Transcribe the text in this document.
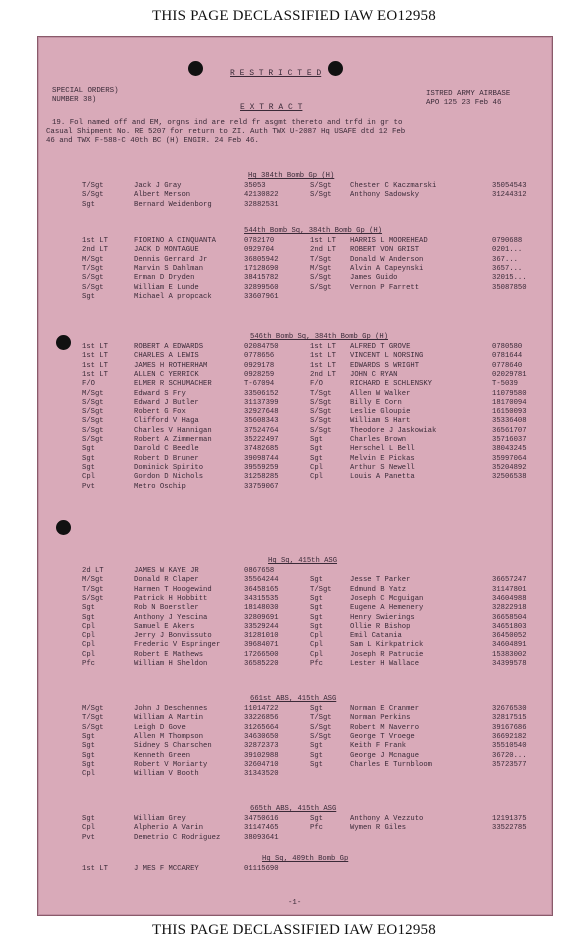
THIS PAGE DECLASSIFIED IAW EO12958
R E S T R I C T E D
SPECIAL ORDERS)
NUMBER 38)
E X T R A C T
ISTRED ARMY AIRBASE
APO 125 23 Feb 46
19. Fol named off and EM, orgns ind are reld fr asgmt thereto and trfd in gr to
Casual Shipment No. RE 5207 for return to ZI. Auth TWX U-2087 Hq USAFE dtd 12 Feb
46 and TWX F-588-C 40th BC (H) ENGIR. 24 Feb 46.
Hq 384th Bomb Gp (H)
T/Sgt	Jack J Gray	35053	S/Sgt	Chester C Kaczmarski	35054543
S/Sgt	Albert Merson	42130822	S/Sgt	Anthony Sadowsky	31244312
Sgt	Bernard Weidenborg	32882531
544th Bomb Sq, 384th Bomb Gp (H)
1st LT	FIORINO A CINQUANTA	0782170	1st LT HARRIS L MOOREHEAD	0790688
2nd LT	JACK D MONTAGUE	0929704	2nd LT ROBERT VON GRIST	0201...
M/Sgt	Dennis Gerrard Jr	36805942	T/Sgt	Donald W Anderson	367...
T/Sgt	Marvin S Dahlman	17128690	M/Sgt	Alvin A Capeynski	3657...
S/Sgt	Erman D Dryden	38415782	S/Sgt	James Guido	32015...
S/Sgt	William E Lunde	32899560	S/Sgt	Vernon P Farrett	35087850
Sgt	Michael A propcack	33607961
546th Bomb Sq, 384th Bomb Gp (H)
1st LT	ROBERT A EDWARDS	02084750	1st LT ALFRED T GROVE	0780580
1st LT	CHARLES A LEWIS	0778656	1st LT VINCENT L NORSING	0781644
1st LT	JAMES H ROTHERHAM	0929178	1st LT EDWARDS S WRIGHT	0778640
1st LT	ALLEN C YERRICK	0928259	2nd LT JOHN C RYAN	02029781
F/O	ELMER R SCHUMACHER	T-67094	F/O	RICHARD E SCHLENSKY	T-5039
M/Sgt	Edward S Fry	33506152	T/Sgt	Allen W Walker	11079580
S/Sgt	Edward J Butler	31137399	S/Sgt	Billy E Corn	18170094
S/Sgt	Robert G Fox	32927648	S/Sgt	Leslie Gloupie	16150093
S/Sgt	Clifford V Haga	35608343	S/Sgt	William S Hart	35336408
S/Sgt	Charles V Hannigan	37524764	S/Sgt	Theodore J Jaskowiak	36561707
S/Sgt	Robert A Zimmerman	35222497	Sgt	Charles Brown	35716037
Sgt	Darold C Beedle	37482685	Sgt	Herschel L Bell	38043245
Sgt	Robert D Bruner	39098744	Sgt	Melvin E Pickas	35997064
Sgt	Dominick Spirito	39559259	Cpl	Arthur S Newell	35204892
Cpl	Gordon D Nichols	31258285	Cpl	Louis A Panetta	32506538
Pvt	Metro Oschip	33759067
Hq Sq, 415th ASG
2d LT	JAMES W KAYE JR	0867658
M/Sgt	Donald R Claper	35564244	Sgt	Jesse T Parker	36657247
T/Sgt	Harmen T Hoogewind	36458165	T/Sgt	Edmund B Yatz	31147801
S/Sgt	Patrick H Hobbitt	34315535	Sgt	Joseph C Mcguigan	34604988
Sgt	Rob N Boerstler	18148030	Sgt	Eugene A Hemenery	32822918
Sgt	Anthony J Yescina	32809691	Sgt	Henry Swierings	36658504
Cpl	Samuel E Akers	33529244	Sgt	Ollie R Bishop	34651803
Cpl	Jerry J Bonvissuto	31281010	Cpl	Emil Catania	36450052
Cpl	Frederic V Espringer	39684071	Cpl	Sam L Kirkpatrick	34604891
Cpl	Robert E Mathews	17266500	Cpl	Joseph R Patrucie	15383002
Pfc	William H Sheldon	36585220	Pfc	Lester H Wallace	34399578
661st ABS, 415th ASG
M/Sgt	John J Deschennes	11014722	Sgt	Norman E Cranmer	32676530
T/Sgt	William A Martin	33226856	T/Sgt	Norman Perkins	32817515
S/Sgt	Leigh D Gove	31265664	S/Sgt	Robert M Naverro	39167686
Sgt	Allen M Thompson	34630650	S/Sgt	George T Vroege	36692182
Sgt	Sidney S Charschen	32872373	Sgt	Keith F Frank	35510540
Sgt	Kenneth Green	39102988	Sgt	George J Mcnague	36720...
Sgt	Robert V Moriarty	32604710	Sgt	Charles E Turnbloom	35723577
Cpl	William V Booth	31343520
665th ABS, 415th ASG
Sgt	William Grey	34750616	Sgt	Anthony A Vezzuto	12191375
Cpl	Alpherio A Varin	31147465	Pfc	Wymen R Giles	33522785
Pvt	Demetrio C Rodriguez	38093641
Hq Sq, 409th Bomb Gp
1st LT	J MES F MCCAREY	01115690
-1-
THIS PAGE DECLASSIFIED IAW EO12958
